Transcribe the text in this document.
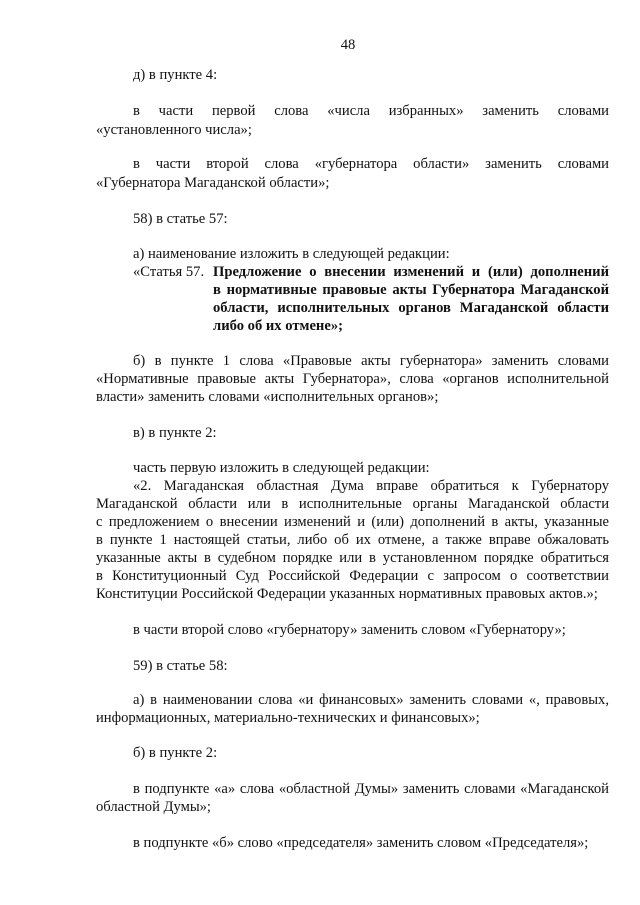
48
д) в пункте 4:
в части первой слова «числа избранных» заменить словами
«установленного числа»;
в части второй слова «губернатора области» заменить словами
«Губернатора Магаданской области»;
58) в статье 57:
а) наименование изложить в следующей редакции:
«Статья 57. Предложение о внесении изменений и (или) дополнений
в нормативные правовые акты Губернатора Магаданской
области, исполнительных органов Магаданской области
либо об их отмене»;
б) в пункте 1 слова «Правовые акты губернатора» заменить словами
«Нормативные правовые акты Губернатора», слова «органов исполнительной
власти» заменить словами «исполнительных органов»;
в) в пункте 2:
часть первую изложить в следующей редакции:
«2. Магаданская областная Дума вправе обратиться к Губернатору
Магаданской области или в исполнительные органы Магаданской области
с предложением о внесении изменений и (или) дополнений в акты, указанные
в пункте 1 настоящей статьи, либо об их отмене, а также вправе обжаловать
указанные акты в судебном порядке или в установленном порядке обратиться
в Конституционный Суд Российской Федерации с запросом о соответствии
Конституции Российской Федерации указанных нормативных правовых актов.»;
в части второй слово «губернатору» заменить словом «Губернатору»;
59) в статье 58:
а) в наименовании слова «и финансовых» заменить словами «, правовых,
информационных, материально-технических и финансовых»;
б) в пункте 2:
в подпункте «а» слова «областной Думы» заменить словами «Магаданской
областной Думы»;
в подпункте «б» слово «председателя» заменить словом «Председателя»;
